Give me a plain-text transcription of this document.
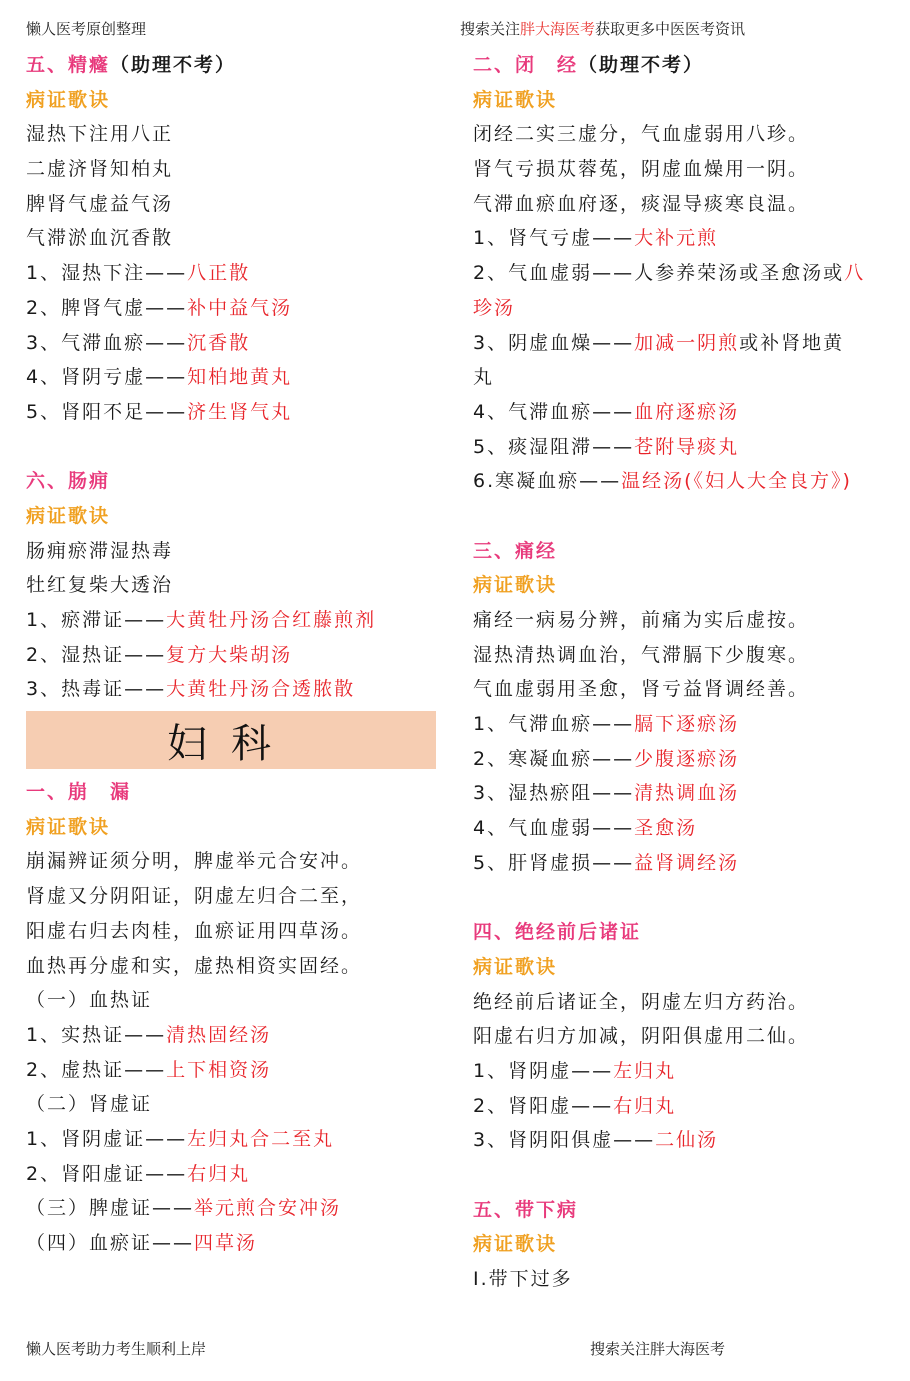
懒人医考原创整理	搜索关注胖大海医考获取更多中医医考资讯
五、精癃（助理不考）
病证歌诀
湿热下注用八正
二虚济肾知柏丸
脾肾气虚益气汤
气滞淤血沉香散
1、湿热下注——八正散
2、脾肾气虚——补中益气汤
3、气滞血瘀——沉香散
4、肾阴亏虚——知柏地黄丸
5、肾阳不足——济生肾气丸
六、肠痈
病证歌诀
肠痈瘀滞湿热毒
牡红复柴大透治
1、瘀滞证——大黄牡丹汤合红藤煎剂
2、湿热证——复方大柴胡汤
3、热毒证——大黄牡丹汤合透脓散
妇科
一、崩　漏
病证歌诀
崩漏辨证须分明，脾虚举元合安冲。
肾虚又分阴阳证，阴虚左归合二至，
阳虚右归去肉桂，血瘀证用四草汤。
血热再分虚和实，虚热相资实固经。
（一）血热证
1、实热证——清热固经汤
2、虚热证——上下相资汤
（二）肾虚证
1、肾阴虚证——左归丸合二至丸
2、肾阳虚证——右归丸
（三）脾虚证——举元煎合安冲汤
（四）血瘀证——四草汤
二、闭　经（助理不考）
病证歌诀
闭经二实三虚分，气血虚弱用八珍。
肾气亏损苁蓉菟，阴虚血燥用一阴。
气滞血瘀血府逐，痰湿导痰寒良温。
1、肾气亏虚——大补元煎
2、气血虚弱——人参养荣汤或圣愈汤或八
珍汤
3、阴虚血燥——加减一阴煎或补肾地黄
丸
4、气滞血瘀——血府逐瘀汤
5、痰湿阻滞——苍附导痰丸
6.寒凝血瘀——温经汤(《妇人大全良方》)
三、痛经
病证歌诀
痛经一病易分辨，前痛为实后虚按。
湿热清热调血治，气滞膈下少腹寒。
气血虚弱用圣愈，肾亏益肾调经善。
1、气滞血瘀——膈下逐瘀汤
2、寒凝血瘀——少腹逐瘀汤
3、湿热瘀阻——清热调血汤
4、气血虚弱——圣愈汤
5、肝肾虚损——益肾调经汤
四、绝经前后诸证
病证歌诀
绝经前后诸证全，阴虚左归方药治。
阳虚右归方加减，阴阳俱虚用二仙。
1、肾阴虚——左归丸
2、肾阳虚——右归丸
3、肾阴阳俱虚——二仙汤
五、带下病
病证歌诀
Ⅰ.带下过多
懒人医考助力考生顺利上岸	搜索关注胖大海医考
